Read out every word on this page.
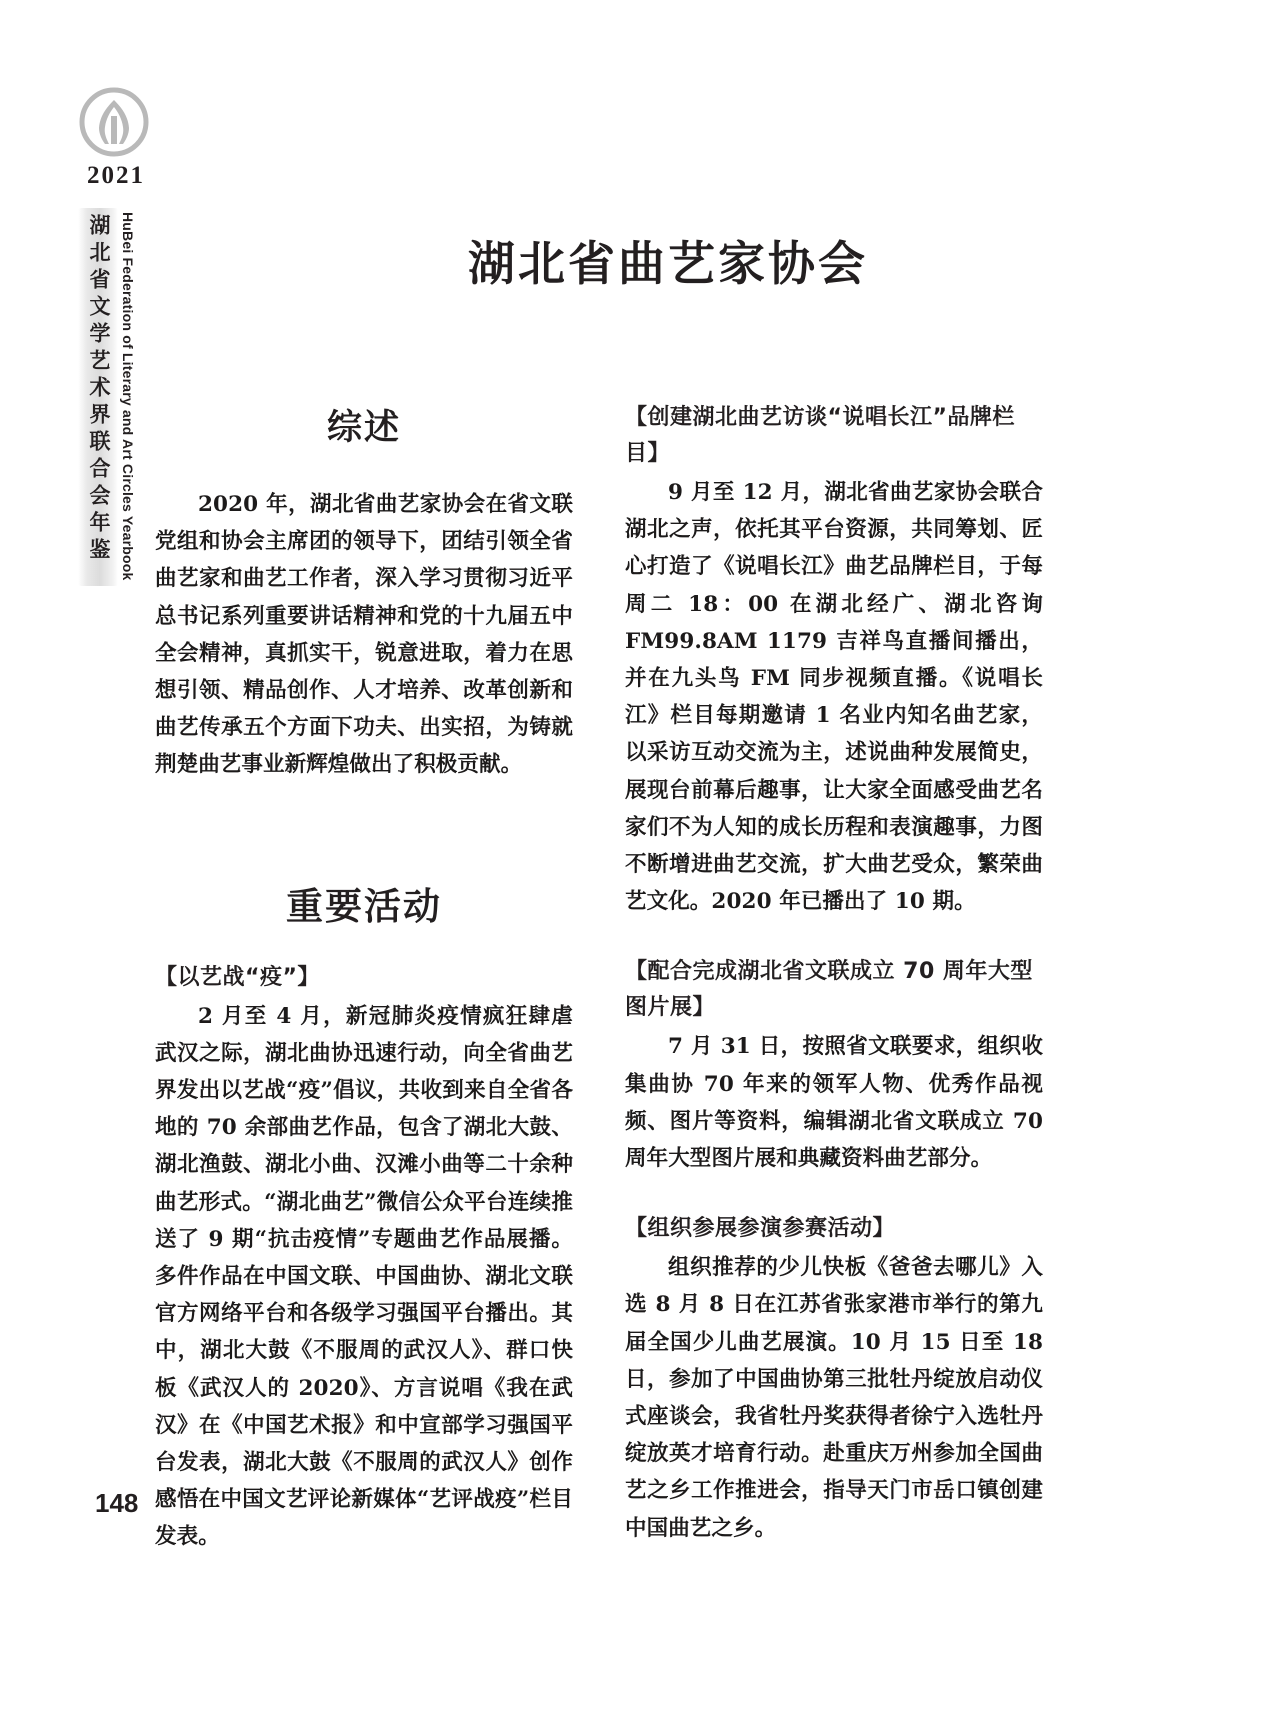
2021
湖北省文学艺术界联合会年鉴 HuBei Federation of Literary and Art Circles Yearbook	湖北省曲艺家协会
综述

2020 年，湖北省曲艺家协会在省文联党组和协会主席团的领导下，团结引领全省曲艺家和曲艺工作者，深入学习贯彻习近平总书记系列重要讲话精神和党的十九届五中全会精神，真抓实干，锐意进取，着力在思想引领、精品创作、人才培养、改革创新和曲艺传承五个方面下功夫、出实招，为铸就荆楚曲艺事业新辉煌做出了积极贡献。

重要活动
【以艺战“疫”】

2 月至 4 月，新冠肺炎疫情疯狂肆虐武汉之际，湖北曲协迅速行动，向全省曲艺界发出以艺战“疫”倡议，共收到来自全省各地的 70 余部曲艺作品，包含了湖北大鼓、湖北渔鼓、湖北小曲、汉滩小曲等二十余种曲艺形式。“湖北曲艺”微信公众平台连续推送了 9 期“抗击疫情”专题曲艺作品展播。多件作品在中国文联、中国曲协、湖北文联官方网络平台和各级学习强国平台播出。其中，湖北大鼓《不服周的武汉人》、群口快板《武汉人的 2020》、方言说唱《我在武汉》在《中国艺术报》和中宣部学习强国平台发表，湖北大鼓《不服周的武汉人》创作感悟在中国文艺评论新媒体“艺评战疫”栏目发表。

【创建湖北曲艺访谈“说唱长江”品牌栏目】

9 月至 12 月，湖北省曲艺家协会联合湖北之声，依托其平台资源，共同筹划、匠心打造了《说唱长江》曲艺品牌栏目，于每周二 18：00 在湖北经广、湖北咨询 FM99.8AM 1179 吉祥鸟直播间播出，并在九头鸟 FM 同步视频直播。《说唱长江》栏目每期邀请 1 名业内知名曲艺家，以采访互动交流为主，述说曲种发展简史，展现台前幕后趣事，让大家全面感受曲艺名家们不为人知的成长历程和表演趣事，力图不断增进曲艺交流，扩大曲艺受众，繁荣曲艺文化。2020 年已播出了 10 期。

【配合完成湖北省文联成立 70 周年大型图片展】

7 月 31 日，按照省文联要求，组织收集曲协 70 年来的领军人物、优秀作品视频、图片等资料，编辑湖北省文联成立 70 周年大型图片展和典藏资料曲艺部分。

【组织参展参演参赛活动】

组织推荐的少儿快板《爸爸去哪儿》入选 8 月 8 日在江苏省张家港市举行的第九届全国少儿曲艺展演。10 月 15 日至 18 日，参加了中国曲协第三批牡丹绽放启动仪式座谈会，我省牡丹奖获得者徐宁入选牡丹绽放英才培育行动。赴重庆万州参加全国曲艺之乡工作推进会，指导天门市岳口镇创建中国曲艺之乡。

148
